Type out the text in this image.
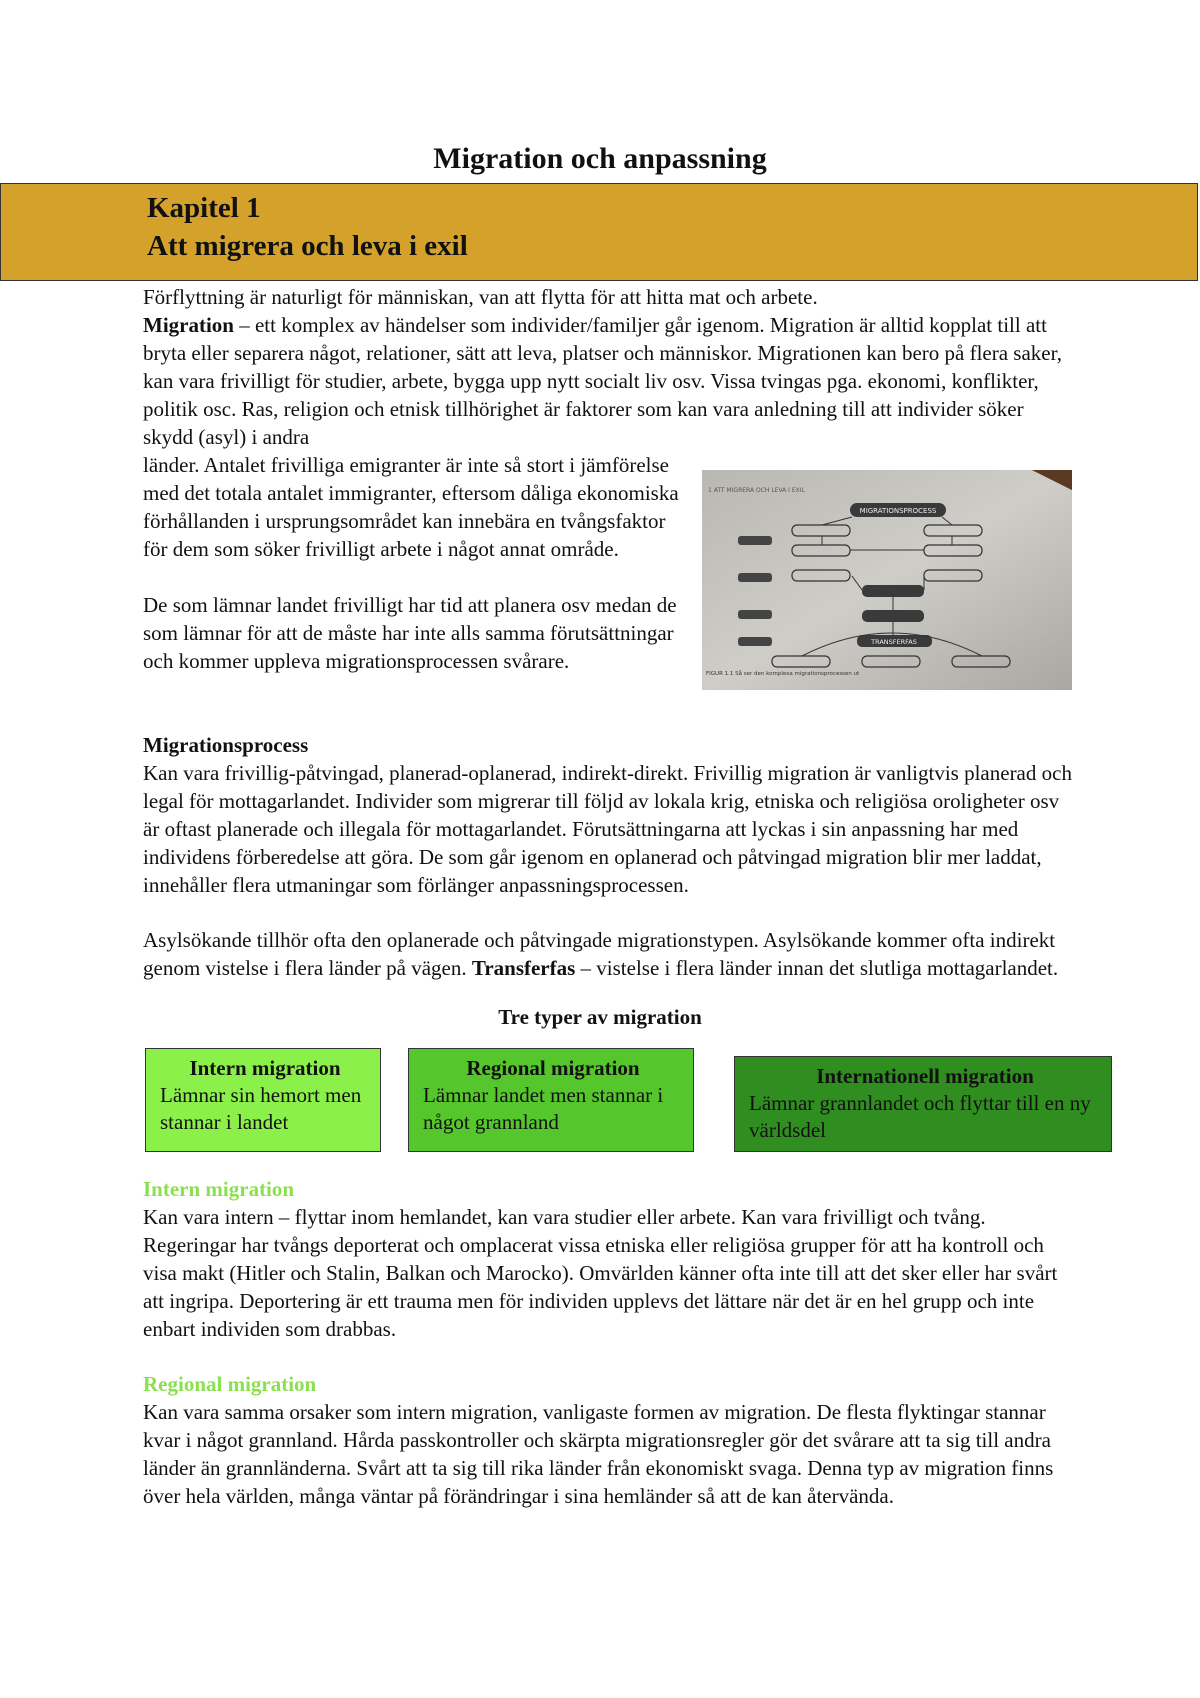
Migration och anpassning
Kapitel 1
Att migrera och leva i exil

Förflyttning är naturligt för människan, van att flytta för att hitta mat och arbete.

Migration – ett komplex av händelser som individer/familjer går igenom. Migration är alltid kopplat till att bryta eller separera något, relationer, sätt att leva, platser och människor. Migrationen kan bero på flera saker, kan vara frivilligt för studier, arbete, bygga upp nytt socialt liv osv. Vissa tvingas pga. ekonomi, konflikter, politik osc. Ras, religion och etnisk tillhörighet är faktorer som kan vara anledning till att individer söker skydd (asyl) i andra

länder. Antalet frivilliga emigranter är inte så stort i jämförelse med det totala antalet immigranter, eftersom dåliga ekonomiska förhållanden i ursprungsområdet kan innebära en tvångsfaktor för dem som söker frivilligt arbete i något annat område.

De som lämnar landet frivilligt har tid att planera osv medan de som lämnar för att de måste har inte alls samma förutsättningar och kommer uppleva migrationsprocessen svårare.

1 ATT MIGRERA OCH LEVA I EXIL
MIGRATIONSPROCESS
TRANSFERFAS
FIGUR 1.1 Så ser den komplexa migrationsprocessen ut

Migrationsprocess

Kan vara frivillig-påtvingad, planerad-oplanerad, indirekt-direkt. Frivillig migration är vanligtvis planerad och legal för mottagarlandet. Individer som migrerar till följd av lokala krig, etniska och religiösa oroligheter osv är oftast planerade och illegala för mottagarlandet. Förutsättningarna att lyckas i sin anpassning har med individens förberedelse att göra. De som går igenom en oplanerad och påtvingad migration blir mer laddat, innehåller flera utmaningar som förlänger anpassningsprocessen.

Asylsökande tillhör ofta den oplanerade och påtvingade migrationstypen. Asylsökande kommer ofta indirekt genom vistelse i flera länder på vägen. Transferfas – vistelse i flera länder innan det slutliga mottagarlandet.

Tre typer av migration
Intern migration
Lämnar sin hemort men stannar i landet
Regional migration
Lämnar landet men stannar i något grannland
Internationell migration
Lämnar grannlandet och flyttar till en ny världsdel

Intern migration

Kan vara intern – flyttar inom hemlandet, kan vara studier eller arbete. Kan vara frivilligt och tvång. Regeringar har tvångs deporterat och omplacerat vissa etniska eller religiösa grupper för att ha kontroll och visa makt (Hitler och Stalin, Balkan och Marocko). Omvärlden känner ofta inte till att det sker eller har svårt att ingripa. Deportering är ett trauma men för individen upplevs det lättare när det är en hel grupp och inte enbart individen som drabbas.

Regional migration

Kan vara samma orsaker som intern migration, vanligaste formen av migration. De flesta flyktingar stannar kvar i något grannland. Hårda passkontroller och skärpta migrationsregler gör det svårare att ta sig till andra länder än grannländerna. Svårt att ta sig till rika länder från ekonomiskt svaga. Denna typ av migration finns över hela världen, många väntar på förändringar i sina hemländer så att de kan återvända.
